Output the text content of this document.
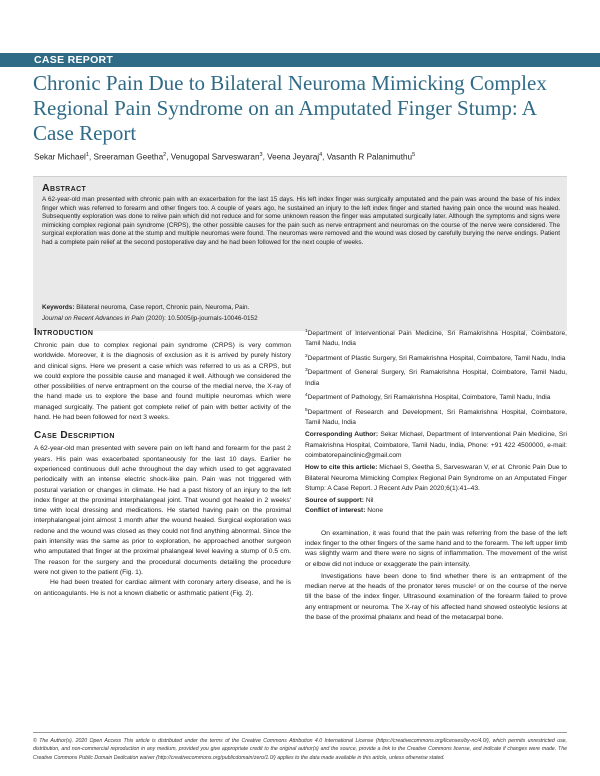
CASE REPORT
Chronic Pain Due to Bilateral Neuroma Mimicking Complex Regional Pain Syndrome on an Amputated Finger Stump: A Case Report
Sekar Michael$^1$, Sreeraman Geetha$^2$, Venugopal Sarveswaran$^3$, Veena Jeyaraj$^4$, Vasanth R Palanimuthu$^5$
Abstract
A 62-year-old man presented with chronic pain with an exacerbation for the last 15 days. His left index finger was surgically amputated and the pain was around the base of his index finger which was referred to forearm and other fingers too. A couple of years ago, he sustained an injury to the left index finger and started having pain once the wound was healed. Subsequently exploration was done to relive pain which did not reduce and for some unknown reason the finger was amputated surgically later. Although the symptoms and signs were mimicking complex regional pain syndrome (CRPS), the other possible causes for the pain such as nerve entrapment and neuromas on the course of the nerve were considered. The surgical exploration was done at the stump and multiple neuromas were found. The neuromas were removed and the wound was closed by carefully burying the nerve endings. Patient had a complete pain relief at the second postoperative day and he had been followed for the next couple of weeks.
Keywords: Bilateral neuroma, Case report, Chronic pain, Neuroma, Pain.
Journal on Recent Advances in Pain (2020): 10.5005/jp-journals-10046-0152
Introduction

Chronic pain due to complex regional pain syndrome (CRPS) is very common worldwide. Moreover, it is the diagnosis of exclusion as it is arrived by purely history and clinical signs. Here we present a case which was referred to us as a CRPS, but we could explore the possible cause and managed it well. Although we considered the other possibilities of nerve entrapment on the course of the medial nerve, the X-ray of the hand made us to explore the base and found multiple neuromas which were managed surgically. The patient got complete relief of pain with better activity of the hand. He had been followed for next 3 weeks.

Case Description

A 62-year-old man presented with severe pain on left hand and forearm for the past 2 years. His pain was exacerbated spontaneously for the last 10 days. Earlier he experienced continuous dull ache throughout the day which used to get aggravated periodically with an intense electric shock-like pain. Pain was not triggered with postural variation or changes in climate. He had a past history of an injury to the left index finger at the proximal interphalangeal joint. That wound got healed in 2 weeks' time with local dressing and medications. He started having pain on the proximal interphalangeal joint almost 1 month after the wound healed. Surgical exploration was redone and the wound was closed as they could not find anything abnormal. Since the pain intensity was the same as prior to exploration, he approached another surgeon who amputated that finger at the proximal phalangeal level leaving a stump of 0.5 cm. The reason for the surgery and the procedural documents detailing the procedure were not given to the patient (Fig. 1).

He had been treated for cardiac ailment with coronary artery disease, and he is on anticoagulants. He is not a known diabetic or asthmatic patient (Fig. 2).

$^1$Department of Interventional Pain Medicine, Sri Ramakrishna Hospital, Coimbatore, Tamil Nadu, India

$^2$Department of Plastic Surgery, Sri Ramakrishna Hospital, Coimbatore, Tamil Nadu, India

$^3$Department of General Surgery, Sri Ramakrishna Hospital, Coimbatore, Tamil Nadu, India

$^4$Department of Pathology, Sri Ramakrishna Hospital, Coimbatore, Tamil Nadu, India

$^5$Department of Research and Development, Sri Ramakrishna Hospital, Coimbatore, Tamil Nadu, India

Corresponding Author: Sekar Michael, Department of Interventional Pain Medicine, Sri Ramakrishna Hospital, Coimbatore, Tamil Nadu, India, Phone: +91 422 4500000, e-mail: coimbatorepainclinic@gmail.com

How to cite this article: Michael S, Geetha S, Sarveswaran V, et al. Chronic Pain Due to Bilateral Neuroma Mimicking Complex Regional Pain Syndrome on an Amputated Finger Stump: A Case Report. J Recent Adv Pain 2020;6(1):41–43.

Source of support: Nil

Conflict of interest: None

On examination, it was found that the pain was referring from the base of the left index finger to the other fingers of the same hand and to the forearm. The left upper limb was slightly warm and there were no signs of inflammation. The movement of the wrist or elbow did not induce or exaggerate the pain intensity.

Investigations have been done to find whether there is an entrapment of the median nerve at the heads of the pronator teres muscle¹ or on the course of the nerve till the base of the index finger. Ultrasound examination of the forearm failed to prove any entrapment or neuroma. The X-ray of his affected hand showed osteolytic lesions at the base of the proximal phalanx and head of the metacarpal bone.

© The Author(s). 2020 Open Access This article is distributed under the terms of the Creative Commons Attribution 4.0 International License (https://creativecommons.org/licenses/by-nc/4.0/), which permits unrestricted use, distribution, and non-commercial reproduction in any medium, provided you give appropriate credit to the original author(s) and the source, provide a link to the Creative Commons license, and indicate if changes were made. The Creative Commons Public Domain Dedication waiver (http://creativecommons.org/publicdomain/zero/1.0/) applies to the data made available in this article, unless otherwise stated.
